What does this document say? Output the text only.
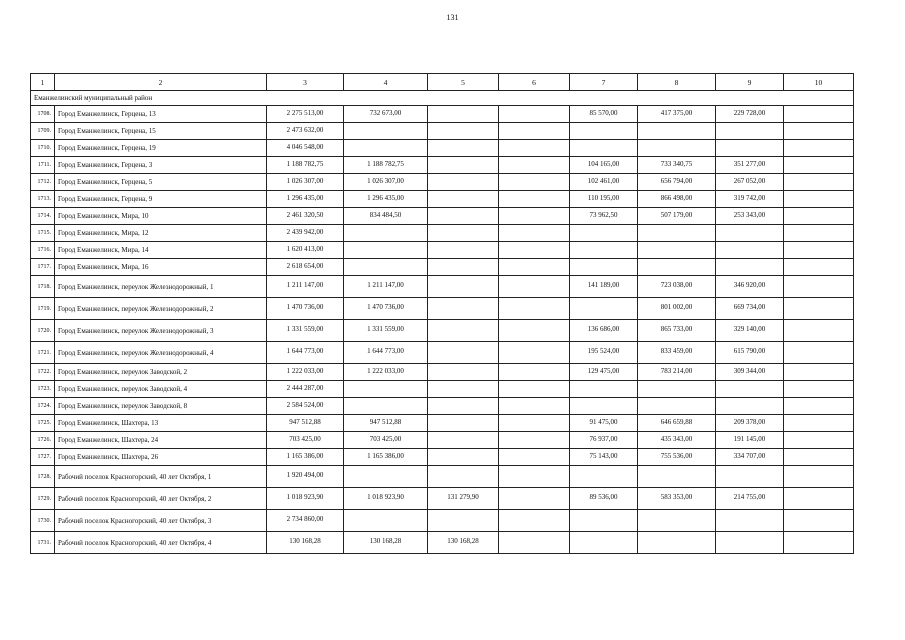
131
1	2	3	4	5	6	7	8	9	10
Еманжелинский муниципальный район									
1708.	Город Еманжелинск, Герцена, 13	2 275 513,00	732 673,00			85 570,00	417 375,00	229 728,00	

1709.	Город Еманжелинск, Герцена, 15	2 473 632,00							

1710.	Город Еманжелинск, Герцена, 19	4 046 548,00							

1711.	Город Еманжелинск, Герцена, 3	1 188 782,75	1 188 782,75			104 165,00	733 340,75	351 277,00	

1712.	Город Еманжелинск, Герцена, 5	1 026 307,00	1 026 307,00			102 461,00	656 794,00	267 052,00	

1713.	Город Еманжелинск, Герцена, 9	1 296 435,00	1 296 435,00			110 195,00	866 498,00	319 742,00	

1714.	Город Еманжелинск, Мира, 10	2 461 320,50	834 484,50			73 962,50	507 179,00	253 343,00	

1715.	Город Еманжелинск, Мира, 12	2 439 942,00							

1716.	Город Еманжелинск, Мира, 14	1 620 413,00							

1717.	Город Еманжелинск, Мира, 16	2 618 654,00							

1718.	Город Еманжелинск, переулок Железнодорожный, 1	1 211 147,00	1 211 147,00			141 189,00	723 038,00	346 920,00	

1719.	Город Еманжелинск, переулок Железнодорожный, 2	1 470 736,00	1 470 736,00				801 002,00	669 734,00	

1720.	Город Еманжелинск, переулок Железнодорожный, 3	1 331 559,00	1 331 559,00			136 686,00	865 733,00	329 140,00	

1721.	Город Еманжелинск, переулок Железнодорожный, 4	1 644 773,00	1 644 773,00			195 524,00	833 459,00	615 790,00	

1722.	Город Еманжелинск, переулок Заводской, 2	1 222 033,00	1 222 033,00			129 475,00	783 214,00	309 344,00	

1723.	Город Еманжелинск, переулок Заводской, 4	2 444 287,00							

1724.	Город Еманжелинск, переулок Заводской, 8	2 584 524,00							

1725.	Город Еманжелинск, Шахтера, 13	947 512,88	947 512,88			91 475,00	646 659,88	209 378,00	

1726.	Город Еманжелинск, Шахтера, 24	703 425,00	703 425,00			76 937,00	435 343,00	191 145,00	

1727.	Город Еманжелинск, Шахтера, 26	1 165 386,00	1 165 386,00			75 143,00	755 536,00	334 707,00	

1728.	Рабочий поселок Красногорский, 40 лет Октября, 1	1 920 494,00							

1729.	Рабочий поселок Красногорский, 40 лет Октября, 2	1 018 923,90	1 018 923,90	131 279,90		89 536,00	583 353,00	214 755,00	

1730.	Рабочий поселок Красногорский, 40 лет Октября, 3	2 734 860,00							

1731.	Рабочий поселок Красногорский, 40 лет Октября, 4	130 168,28	130 168,28	130 168,28					
